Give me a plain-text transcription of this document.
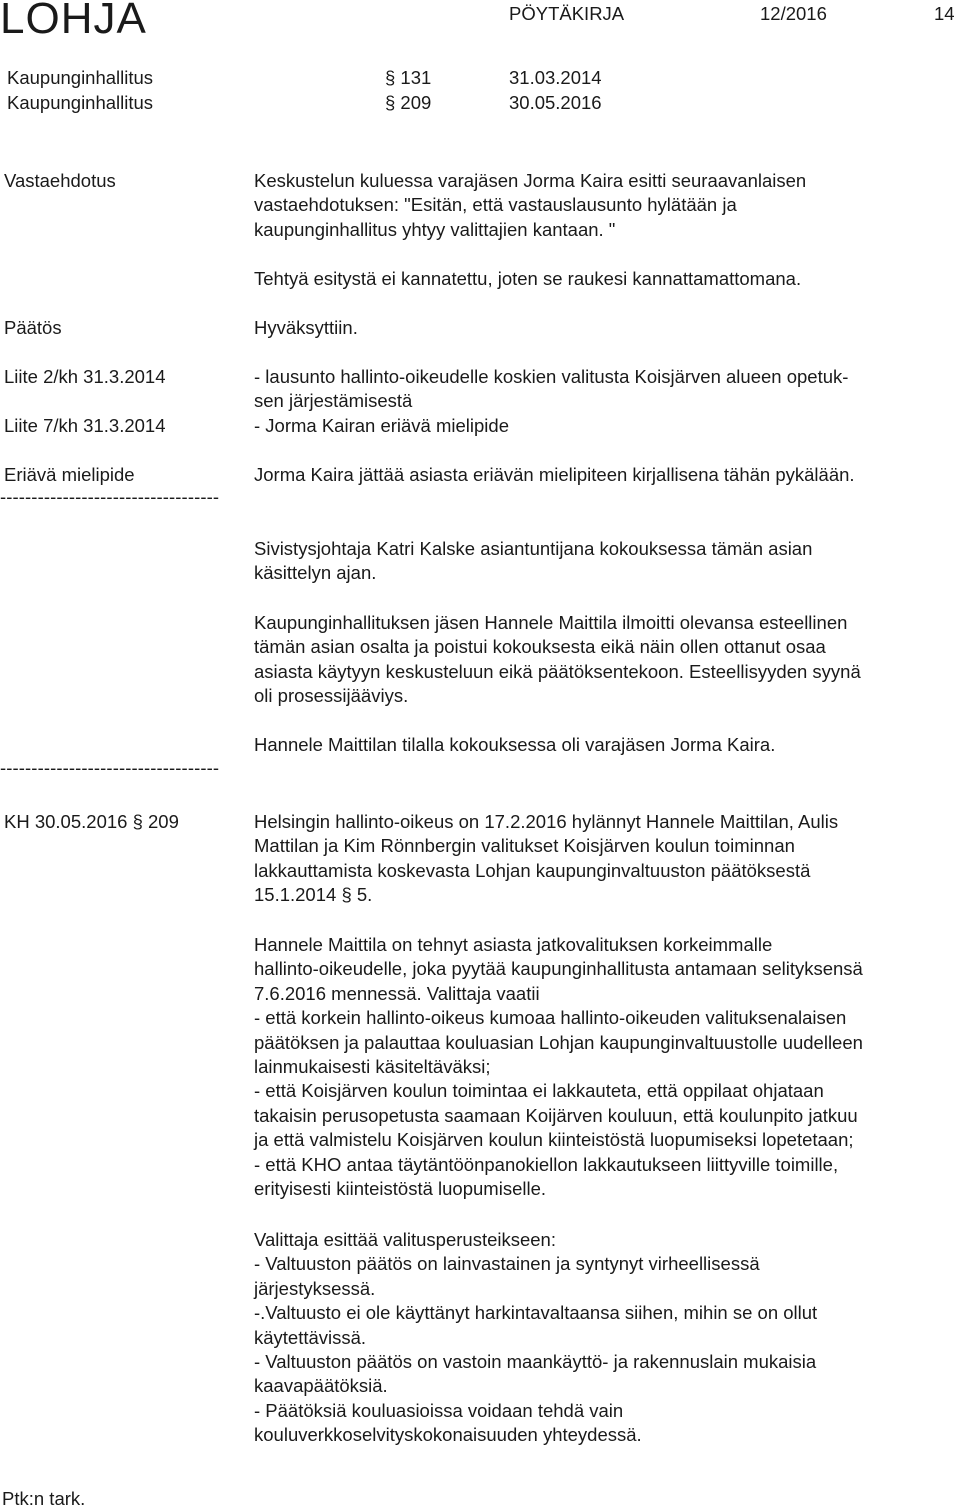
LOHJA	PÖYTÄKIRJA	12/2016	14
Kaupunginhallitus	§ 131	31.03.2014
Kaupunginhallitus	§ 209	30.05.2016
Vastaehdotus	Keskustelun kuluessa varajäsen Jorma Kaira esitti seuraavanlaisen
vastaehdotuksen: "Esitän, että vastauslausunto hylätään ja
kaupunginhallitus yhtyy valittajien kantaan. "
Tehtyä esitystä ei kannatettu, joten se raukesi kannattamattomana.
Päätös	Hyväksyttiin.
Liite 2/kh 31.3.2014	- lausunto hallinto-oikeudelle koskien valitusta Koisjärven alueen opetuk-
sen järjestämisestä
Liite 7/kh 31.3.2014	- Jorma Kairan eriävä mielipide
Eriävä mielipide	Jorma Kaira jättää asiasta eriävän mielipiteen kirjallisena tähän pykälään.
-----------------------------------
Sivistysjohtaja Katri Kalske asiantuntijana kokouksessa tämän asian
käsittelyn ajan.
Kaupunginhallituksen jäsen Hannele Maittila ilmoitti olevansa esteellinen
tämän asian osalta ja poistui kokouksesta eikä näin ollen ottanut osaa
asiasta käytyyn keskusteluun eikä päätöksentekoon. Esteellisyyden syynä
oli prosessijääviys.
Hannele Maittilan tilalla kokouksessa oli varajäsen Jorma Kaira.
-----------------------------------
KH 30.05.2016 § 209	Helsingin hallinto-oikeus on 17.2.2016 hylännyt Hannele Maittilan, Aulis
Mattilan ja Kim Rönnbergin valitukset Koisjärven koulun toiminnan
lakkauttamista koskevasta Lohjan kaupunginvaltuuston päätöksestä
15.1.2014 § 5.
Hannele Maittila on tehnyt asiasta jatkovalituksen korkeimmalle
hallinto-oikeudelle, joka pyytää kaupunginhallitusta antamaan selityksensä
7.6.2016 mennessä. Valittaja vaatii
- että korkein hallinto-oikeus kumoaa hallinto-oikeuden valituksenalaisen
päätöksen ja palauttaa kouluasian Lohjan kaupunginvaltuustolle uudelleen
lainmukaisesti käsiteltäväksi;
- että Koisjärven koulun toimintaa ei lakkauteta, että oppilaat ohjataan
takaisin perusopetusta saamaan Koijärven kouluun, että koulunpito jatkuu
ja että valmistelu Koisjärven koulun kiinteistöstä luopumiseksi lopetetaan;
- että KHO antaa täytäntöönpanokiellon lakkautukseen liittyville toimille,
erityisesti kiinteistöstä luopumiselle.
Valittaja esittää valitusperusteikseen:
- Valtuuston päätös on lainvastainen ja syntynyt virheellisessä
järjestyksessä.
-.Valtuusto ei ole käyttänyt harkintavaltaansa siihen, mihin se on ollut
käytettävissä.
- Valtuuston päätös on vastoin maankäyttö- ja rakennuslain mukaisia
kaavapäätöksiä.
- Päätöksiä kouluasioissa voidaan tehdä vain
kouluverkkoselvityskokonaisuuden yhteydessä.
Ptk:n tark.
